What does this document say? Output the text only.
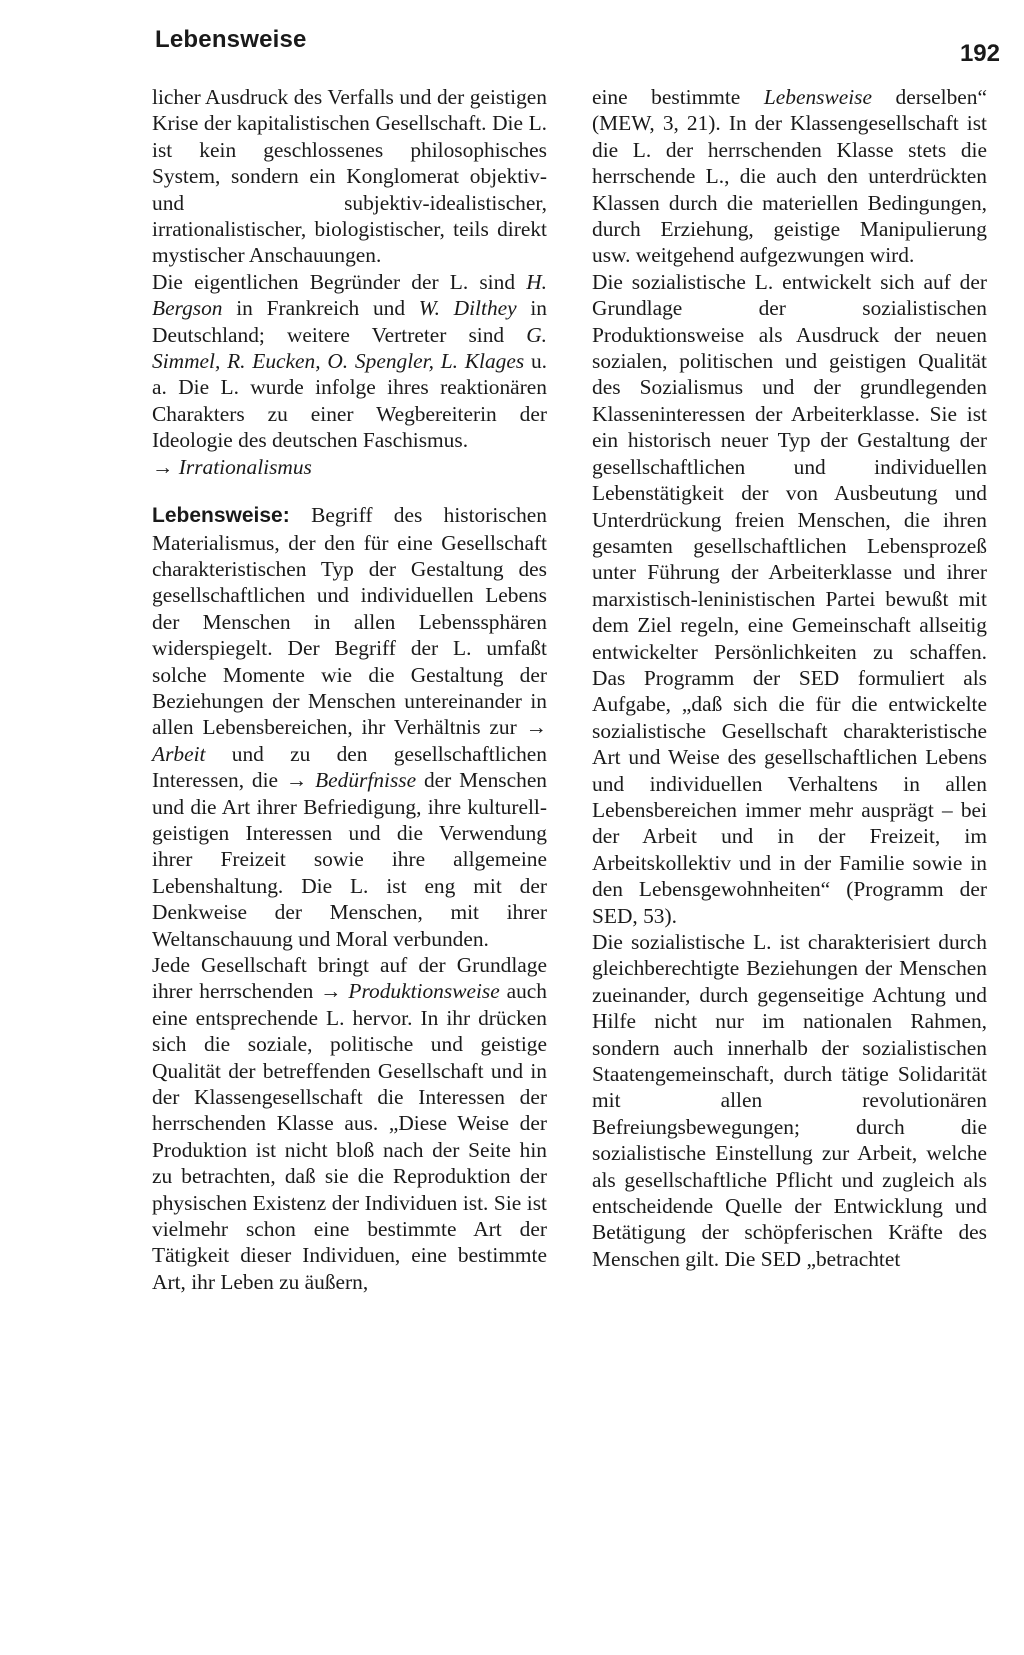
Lebensweise
192

licher Ausdruck des Verfalls und der geistigen Krise der kapitalistischen Gesellschaft. Die L. ist kein geschlossenes philosophisches System, sondern ein Konglomerat objektiv- und subjektiv-idealistischer, irrationalistischer, biologistischer, teils direkt mystischer Anschauungen.

Die eigentlichen Begründer der L. sind H. Bergson in Frankreich und W. Dilthey in Deutschland; weitere Vertreter sind G. Simmel, R. Eucken, O. Spengler, L. Klages u. a. Die L. wurde infolge ihres reaktionären Charakters zu einer Wegbereiterin der Ideologie des deutschen Faschismus.

→ Irrationalismus

Lebensweise: Begriff des historischen Materialismus, der den für eine Gesellschaft charakteristischen Typ der Gestaltung des gesellschaftlichen und individuellen Lebens der Menschen in allen Lebenssphären widerspiegelt. Der Begriff der L. umfaßt solche Momente wie die Gestaltung der Beziehungen der Menschen untereinander in allen Lebensbereichen, ihr Verhältnis zur → Arbeit und zu den gesellschaftlichen Interessen, die → Bedürfnisse der Menschen und die Art ihrer Befriedigung, ihre kulturell-geistigen Interessen und die Verwendung ihrer Freizeit sowie ihre allgemeine Lebenshaltung. Die L. ist eng mit der Denkweise der Menschen, mit ihrer Weltanschauung und Moral verbunden.

Jede Gesellschaft bringt auf der Grundlage ihrer herrschenden → Produktionsweise auch eine entsprechende L. hervor. In ihr drücken sich die soziale, politische und geistige Qualität der betreffenden Gesellschaft und in der Klassengesellschaft die Interessen der herrschenden Klasse aus. „Diese Weise der Produktion ist nicht bloß nach der Seite hin zu betrachten, daß sie die Reproduktion der physischen Existenz der Individuen ist. Sie ist vielmehr schon eine bestimmte Art der Tätigkeit dieser Individuen, eine bestimmte Art, ihr Leben zu äußern,

eine bestimmte Lebensweise derselben“ (MEW, 3, 21). In der Klassengesellschaft ist die L. der herrschenden Klasse stets die herrschende L., die auch den unterdrückten Klassen durch die materiellen Bedingungen, durch Erziehung, geistige Manipulierung usw. weitgehend aufgezwungen wird.

Die sozialistische L. entwickelt sich auf der Grundlage der sozialistischen Produktionsweise als Ausdruck der neuen sozialen, politischen und geistigen Qualität des Sozialismus und der grundlegenden Klasseninteressen der Arbeiterklasse. Sie ist ein historisch neuer Typ der Gestaltung der gesellschaftlichen und individuellen Lebenstätigkeit der von Ausbeutung und Unterdrückung freien Menschen, die ihren gesamten gesellschaftlichen Lebensprozeß unter Führung der Arbeiterklasse und ihrer marxistisch-leninistischen Partei bewußt mit dem Ziel regeln, eine Gemeinschaft allseitig entwickelter Persönlichkeiten zu schaffen. Das Programm der SED formuliert als Aufgabe, „daß sich die für die entwickelte sozialistische Gesellschaft charakteristische Art und Weise des gesellschaftlichen Lebens und individuellen Verhaltens in allen Lebensbereichen immer mehr ausprägt – bei der Arbeit und in der Freizeit, im Arbeitskollektiv und in der Familie sowie in den Lebensgewohnheiten“ (Programm der SED, 53).

Die sozialistische L. ist charakterisiert durch gleichberechtigte Beziehungen der Menschen zueinander, durch gegenseitige Achtung und Hilfe nicht nur im nationalen Rahmen, sondern auch innerhalb der sozialistischen Staatengemeinschaft, durch tätige Solidarität mit allen revolutionären Befreiungsbewegungen; durch die sozialistische Einstellung zur Arbeit, welche als gesellschaftliche Pflicht und zugleich als entscheidende Quelle der Entwicklung und Betätigung der schöpferischen Kräfte des Menschen gilt. Die SED „betrachtet
